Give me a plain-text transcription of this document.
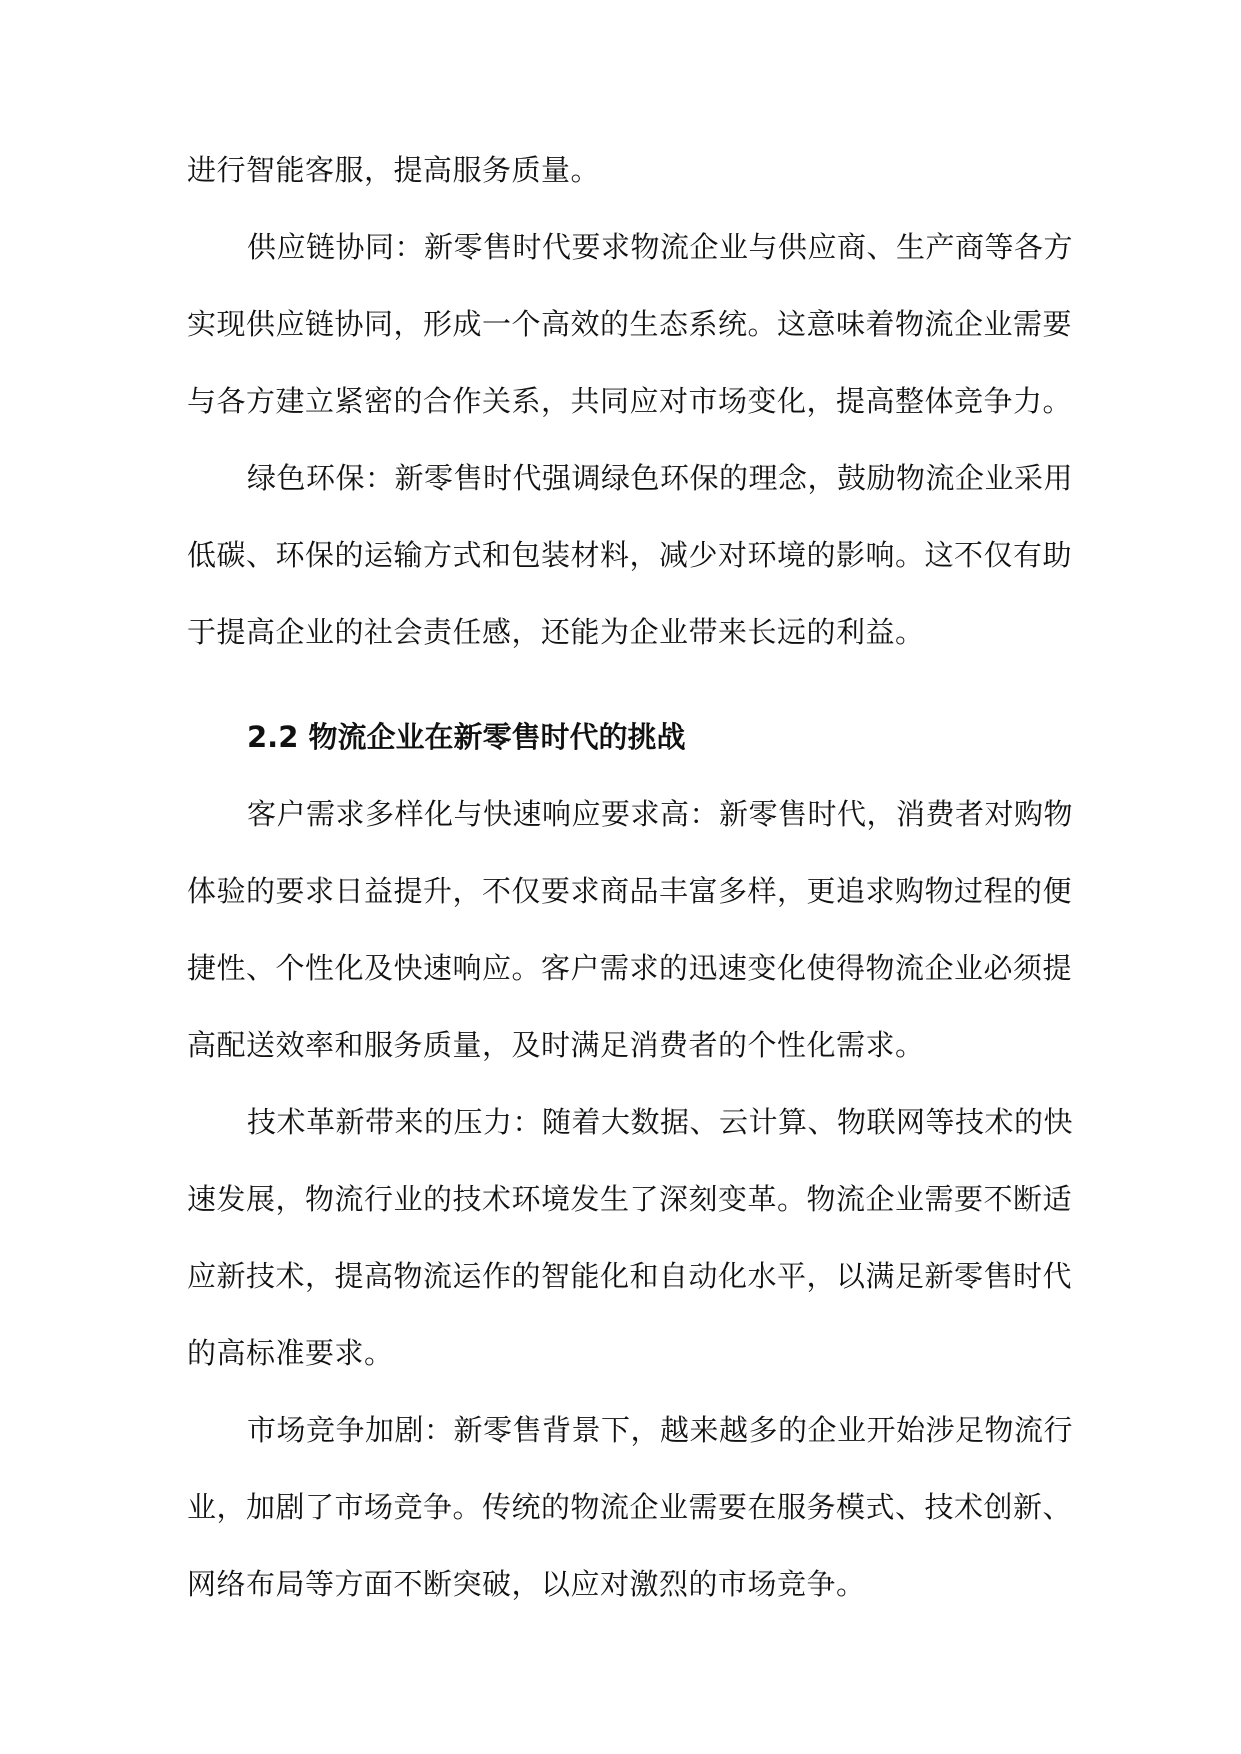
进行智能客服，提高服务质量。
供应链协同：新零售时代要求物流企业与供应商、生产商等各方
实现供应链协同，形成一个高效的生态系统。这意味着物流企业需要
与各方建立紧密的合作关系，共同应对市场变化，提高整体竞争力。
绿色环保：新零售时代强调绿色环保的理念，鼓励物流企业采用
低碳、环保的运输方式和包装材料，减少对环境的影响。这不仅有助
于提高企业的社会责任感，还能为企业带来长远的利益。
2.2 物流企业在新零售时代的挑战
客户需求多样化与快速响应要求高：新零售时代，消费者对购物
体验的要求日益提升，不仅要求商品丰富多样，更追求购物过程的便
捷性、个性化及快速响应。客户需求的迅速变化使得物流企业必须提
高配送效率和服务质量，及时满足消费者的个性化需求。
技术革新带来的压力：随着大数据、云计算、物联网等技术的快
速发展，物流行业的技术环境发生了深刻变革。物流企业需要不断适
应新技术，提高物流运作的智能化和自动化水平，以满足新零售时代
的高标准要求。
市场竞争加剧：新零售背景下，越来越多的企业开始涉足物流行
业，加剧了市场竞争。传统的物流企业需要在服务模式、技术创新、
网络布局等方面不断突破，以应对激烈的市场竞争。
